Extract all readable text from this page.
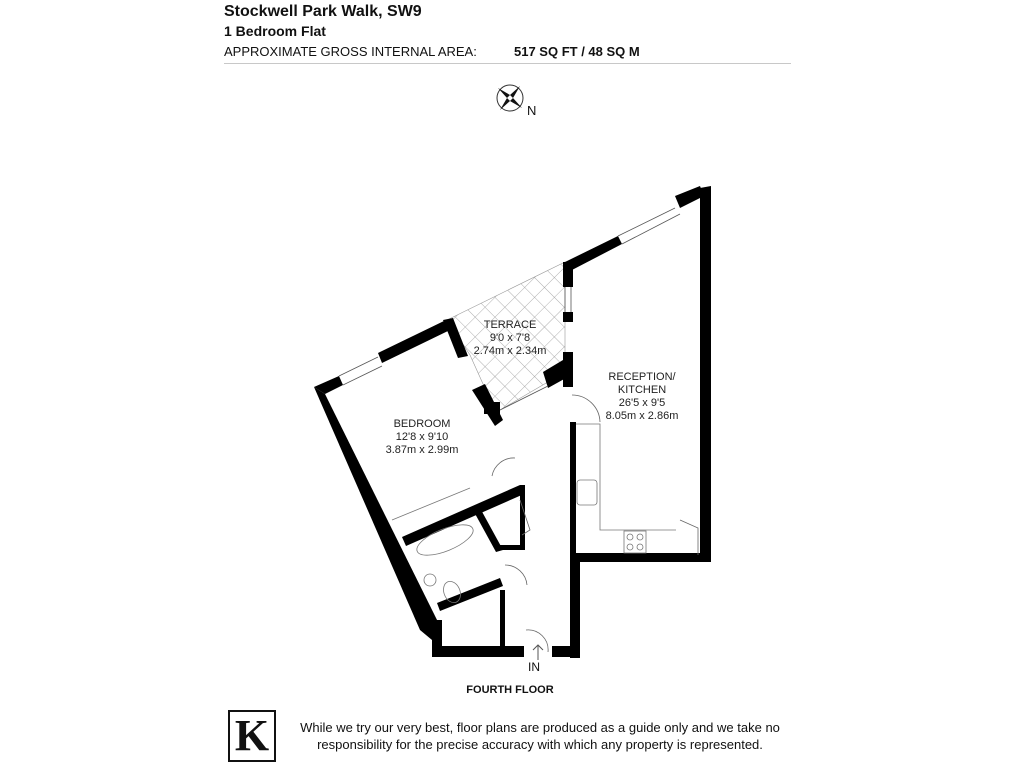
Stockwell Park Walk, SW9
1 Bedroom Flat
APPROXIMATE GROSS INTERNAL AREA:	517 SQ FT / 48 SQ M
TERRACE
9'0 x 7'8
2.74m x 2.34m
RECEPTION/
KITCHEN
26'5 x 9'5
8.05m x 2.86m
BEDROOM
12'8 x 9'10
3.87m x 2.99m
N
IN
FOURTH FLOOR
K	While we try our very best, floor plans are produced as a guide only and we take no
responsibility for the precise accuracy with which any property is represented.
